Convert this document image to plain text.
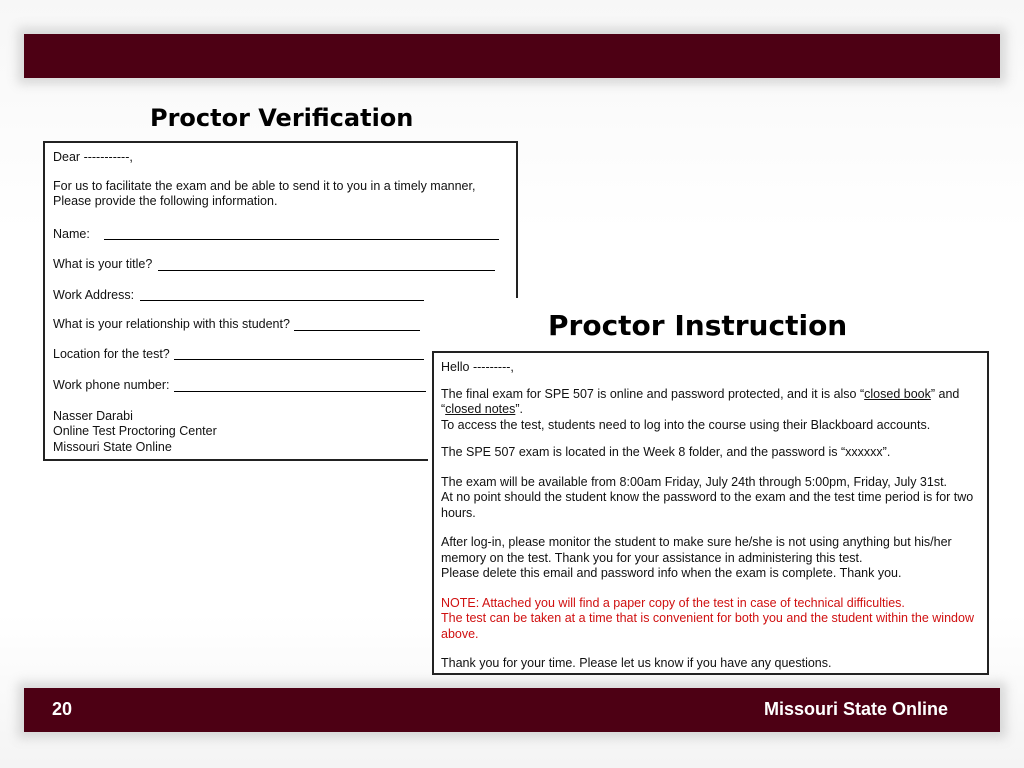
Proctor Verification
Dear -----------,
For us to facilitate the exam and be able to send it to you in a timely manner,
Please provide the following information.
Name:
What is your title?
Work Address:
What is your relationship with this student?
Location for the test?
Work phone number:
Nasser Darabi
Online Test Proctoring Center
Missouri State Online
Proctor Instruction
Hello ---------,
The final exam for SPE 507 is online and password protected, and it is also “closed book” and
“closed notes”.
To access the test, students need to log into the course using their Blackboard accounts.
The SPE 507 exam is located in the Week 8 folder, and the password is “xxxxxx”.
The exam will be available from 8:00am Friday, July 24th through 5:00pm, Friday, July 31st.
At no point should the student know the password to the exam and the test time period is for two
hours.
After log-in, please monitor the student to make sure he/she is not using anything but his/her
memory on the test. Thank you for your assistance in administering this test.
Please delete this email and password info when the exam is complete. Thank you.
NOTE: Attached you will find a paper copy of the test in case of technical difficulties.
The test can be taken at a time that is convenient for both you and the student within the window
above.
Thank you for your time. Please let us know if you have any questions.
20	Missouri State Online
